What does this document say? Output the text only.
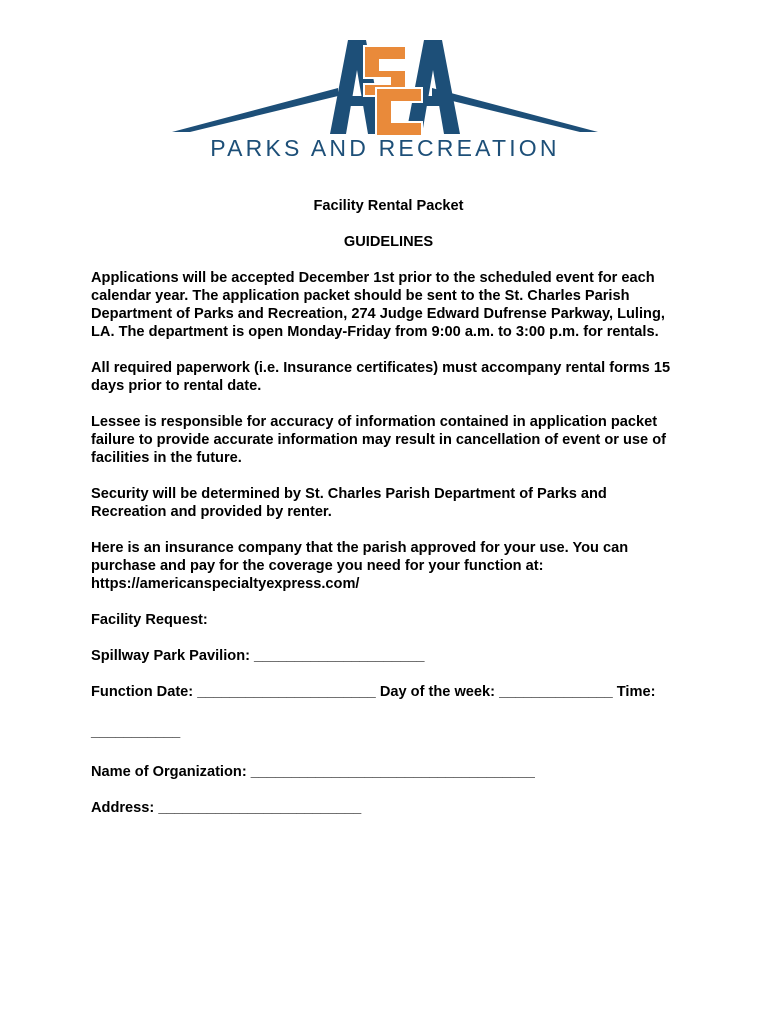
PARKS AND RECREATION

Facility Rental Packet

GUIDELINES

Applications will be accepted December 1st prior to the scheduled event for each calendar year. The application packet should be sent to the St. Charles Parish Department of Parks and Recreation, 274 Judge Edward Dufrense Parkway, Luling, LA. The department is open Monday-Friday from 9:00 a.m. to 3:00 p.m. for rentals.

All required paperwork (i.e. Insurance certificates) must accompany rental forms 15 days prior to rental date.

Lessee is responsible for accuracy of information contained in application packet failure to provide accurate information may result in cancellation of event or use of facilities in the future.

Security will be determined by St. Charles Parish Department of Parks and Recreation and provided by renter.

Here is an insurance company that the parish approved for your use. You can purchase and pay for the coverage you need for your function at: https://americanspecialtyexpress.com/

Facility Request:

Spillway Park Pavilion: _____________________

Function Date: ______________________ Day of the week: ______________ Time:

___________

Name of Organization: ___________________________________

Address: _________________________
